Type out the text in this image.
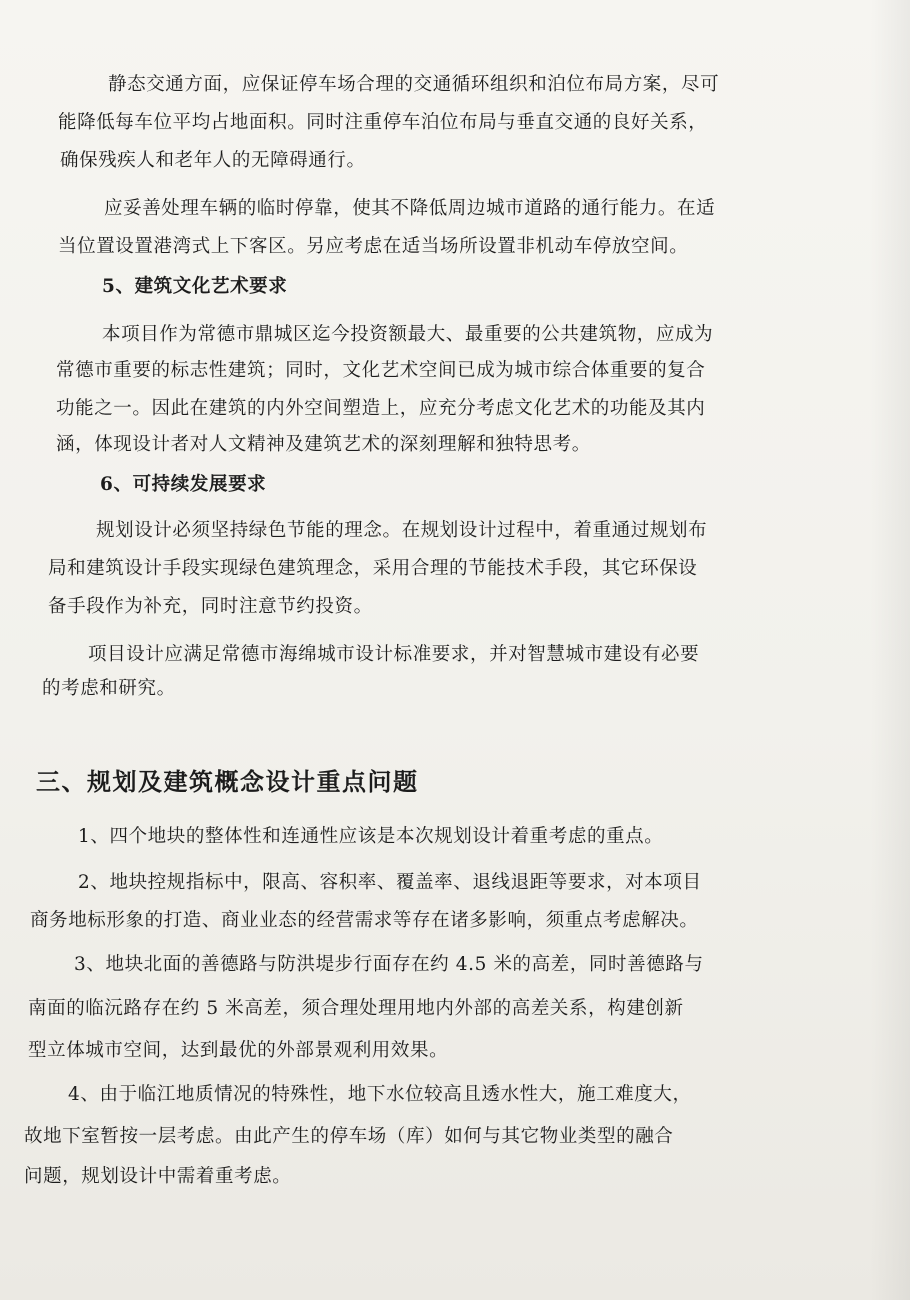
静态交通方面，应保证停车场合理的交通循环组织和泊位布局方案，尽可
能降低每车位平均占地面积。同时注重停车泊位布局与垂直交通的良好关系，
确保残疾人和老年人的无障碍通行。
应妥善处理车辆的临时停靠，使其不降低周边城市道路的通行能力。在适
当位置设置港湾式上下客区。另应考虑在适当场所设置非机动车停放空间。
5、建筑文化艺术要求
本项目作为常德市鼎城区迄今投资额最大、最重要的公共建筑物，应成为
常德市重要的标志性建筑；同时，文化艺术空间已成为城市综合体重要的复合
功能之一。因此在建筑的内外空间塑造上，应充分考虑文化艺术的功能及其内
涵，体现设计者对人文精神及建筑艺术的深刻理解和独特思考。
6、可持续发展要求
规划设计必须坚持绿色节能的理念。在规划设计过程中，着重通过规划布
局和建筑设计手段实现绿色建筑理念，采用合理的节能技术手段，其它环保设
备手段作为补充，同时注意节约投资。
项目设计应满足常德市海绵城市设计标准要求，并对智慧城市建设有必要
的考虑和研究。
三、规划及建筑概念设计重点问题
1、四个地块的整体性和连通性应该是本次规划设计着重考虑的重点。
2、地块控规指标中，限高、容积率、覆盖率、退线退距等要求，对本项目
商务地标形象的打造、商业业态的经营需求等存在诸多影响，须重点考虑解决。
3、地块北面的善德路与防洪堤步行面存在约 4.5 米的高差，同时善德路与
南面的临沅路存在约 5 米高差，须合理处理用地内外部的高差关系，构建创新
型立体城市空间，达到最优的外部景观利用效果。
4、由于临江地质情况的特殊性，地下水位较高且透水性大，施工难度大，
故地下室暂按一层考虑。由此产生的停车场（库）如何与其它物业类型的融合
问题，规划设计中需着重考虑。
